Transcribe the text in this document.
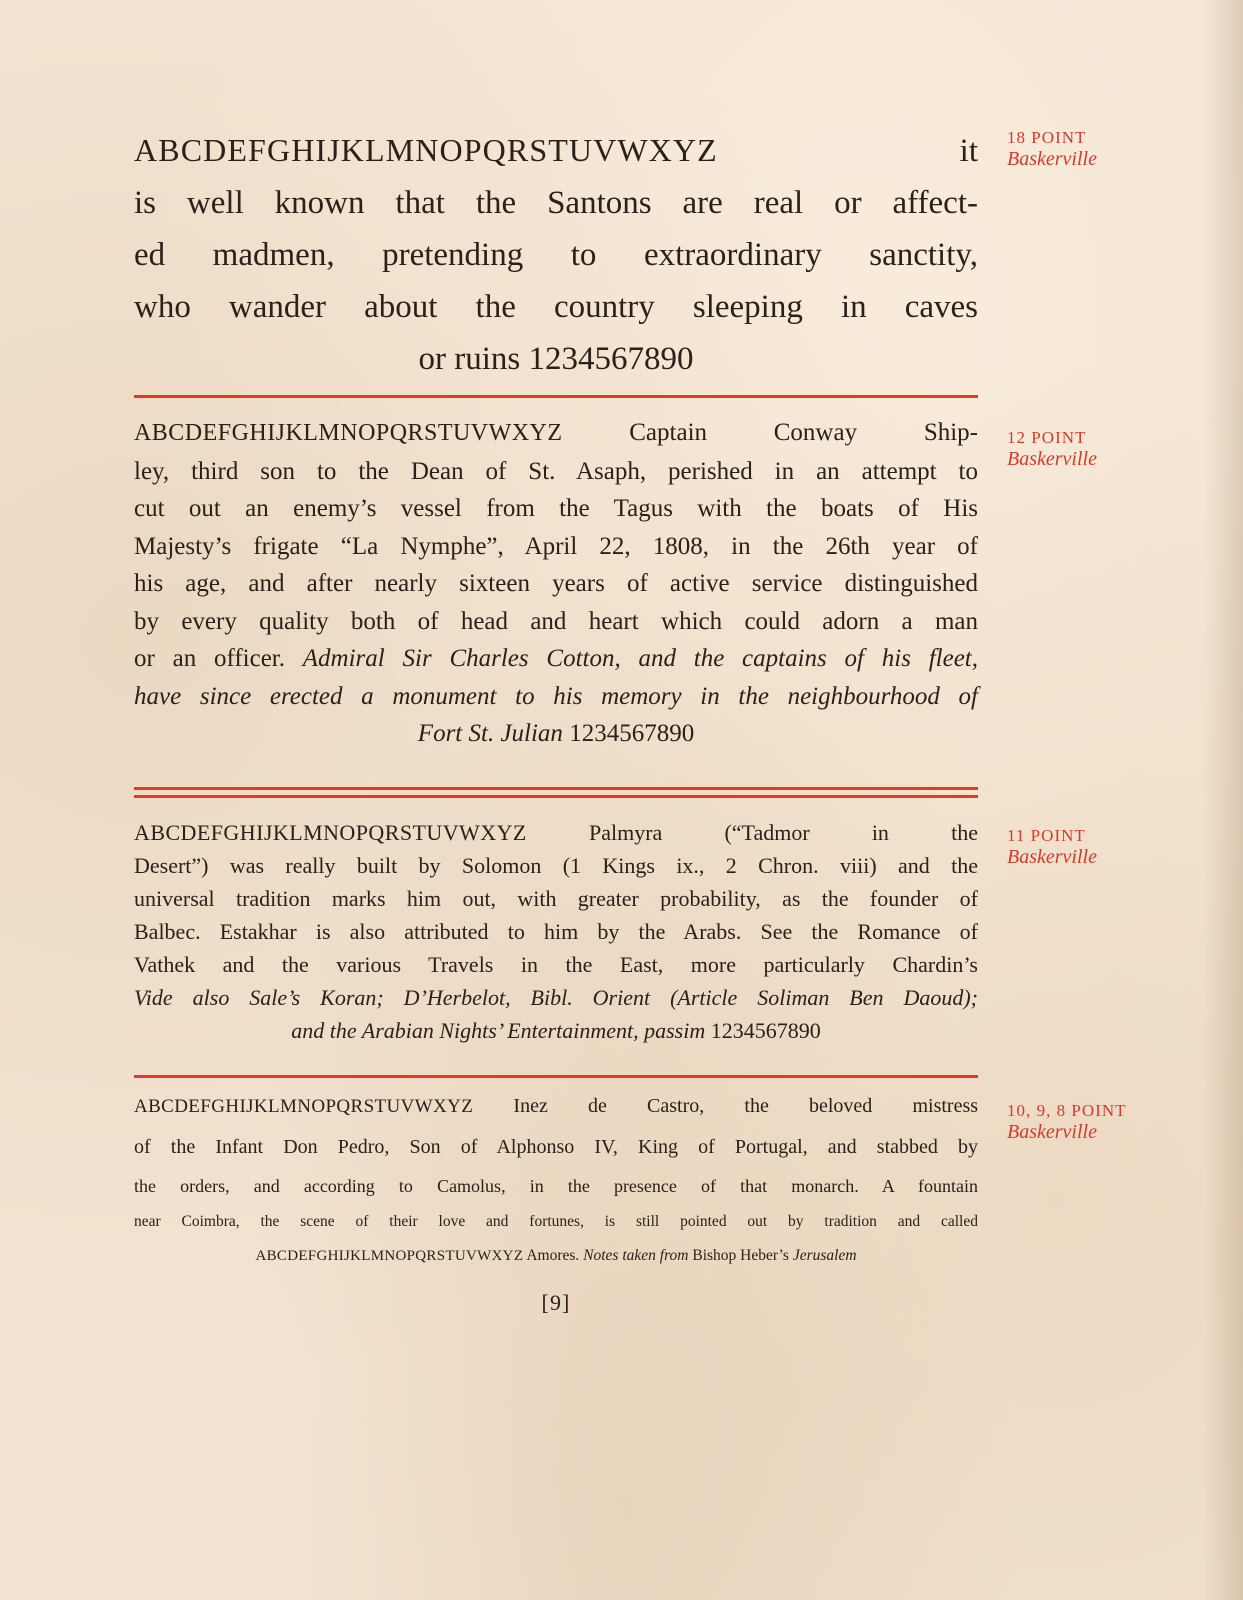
ABCDEFGHIJKLMNOPQRSTUVWXYZ	it
is well known that the Santons are real or affect-
ed madmen, pretending to extraordinary sanctity,
who wander about the country sleeping in caves
or ruins 1234567890
18 POINT
Baskerville
ABCDEFGHIJKLMNOPQRSTUVWXYZ	Captain Conway Ship-
ley, third son to the Dean of St. Asaph, perished in an attempt to
cut out an enemy’s vessel from the Tagus with the boats of His
Majesty’s frigate “La Nymphe”, April 22, 1808, in the 26th year of
his age, and after nearly sixteen years of active service distinguished
by every quality both of head and heart which could adorn a man
or an officer. Admiral Sir Charles Cotton, and the captains of his fleet,
have since erected a monument to his memory in the neighbourhood of
Fort St. Julian 1234567890
12 POINT
Baskerville
ABCDEFGHIJKLMNOPQRSTUVWXYZ	Palmyra (“Tadmor in the
Desert”) was really built by Solomon (1 Kings ix., 2 Chron. viii) and the
universal tradition marks him out, with greater probability, as the founder of
Balbec. Estakhar is also attributed to him by the Arabs. See the Romance of
Vathek and the various Travels in the East, more particularly Chardin’s
Vide also Sale’s Koran; D’Herbelot, Bibl. Orient (Article Soliman Ben Daoud);
and the Arabian Nights’ Entertainment, passim 1234567890
11 POINT
Baskerville
ABCDEFGHIJKLMNOPQRSTUVWXYZ Inez de Castro, the beloved mistress
of the Infant Don Pedro, Son of Alphonso IV, King of Portugal, and stabbed by
the orders, and according to Camolus, in the presence of that monarch. A fountain
near Coimbra, the scene of their love and fortunes, is still pointed out by tradition and called
ABCDEFGHIJKLMNOPQRSTUVWXYZ Amores. Notes taken from Bishop Heber’s Jerusalem
10, 9, 8 POINT
Baskerville
[9]
